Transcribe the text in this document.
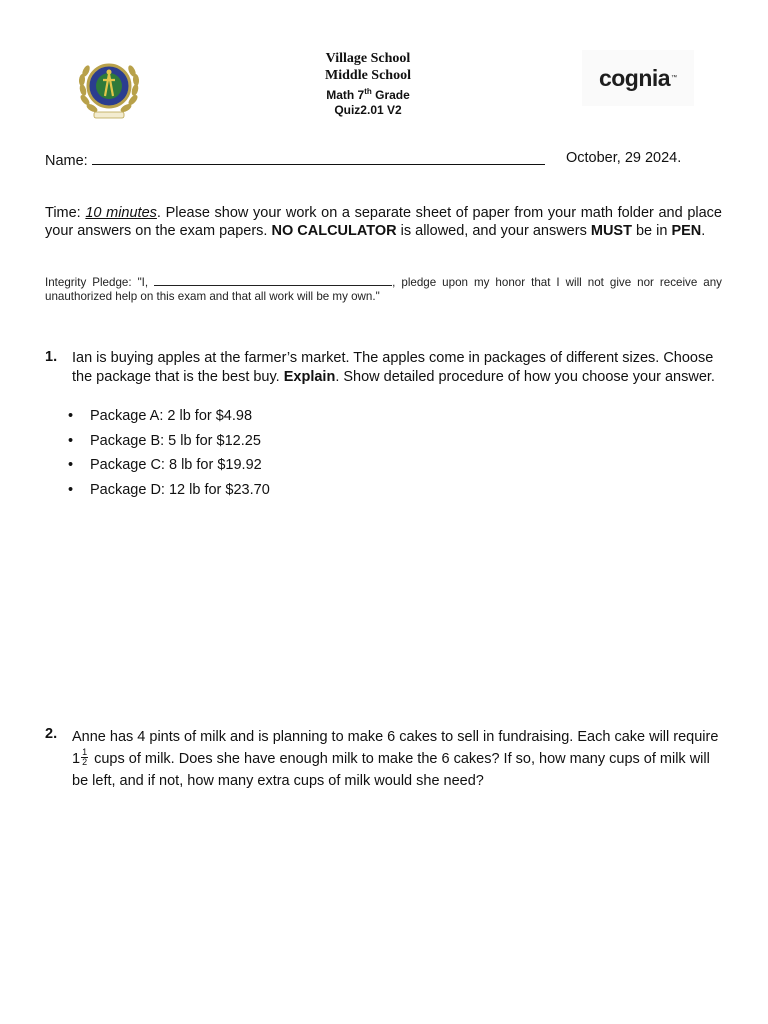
Village School
Middle School
Math 7th Grade
Quiz2.01 V2
cognia ™
Name:	October, 29 2024.
Time: 10 minutes. Please show your work on a separate sheet of paper from your math folder and place your answers on the exam papers. NO CALCULATOR is allowed, and your answers MUST be in PEN.
Integrity Pledge: "I,	, pledge upon my honor that I will not give nor receive any unauthorized help on this exam and that all work will be my own."
1. Ian is buying apples at the farmer’s market. The apples come in packages of different sizes. Choose the package that is the best buy. Explain. Show detailed procedure of how you choose your answer.
• Package A: 2 lb for $4.98
• Package B: 5 lb for $12.25
• Package C: 8 lb for $19.92
• Package D: 12 lb for $23.70
2. Anne has 4 pints of milk and is planning to make 6 cakes to sell in fundraising. Each cake will require $1 \frac{1}{2}$ cups of milk. Does she have enough milk to make the 6 cakes? If so, how many cups of milk will be left, and if not, how many extra cups of milk would she need?
